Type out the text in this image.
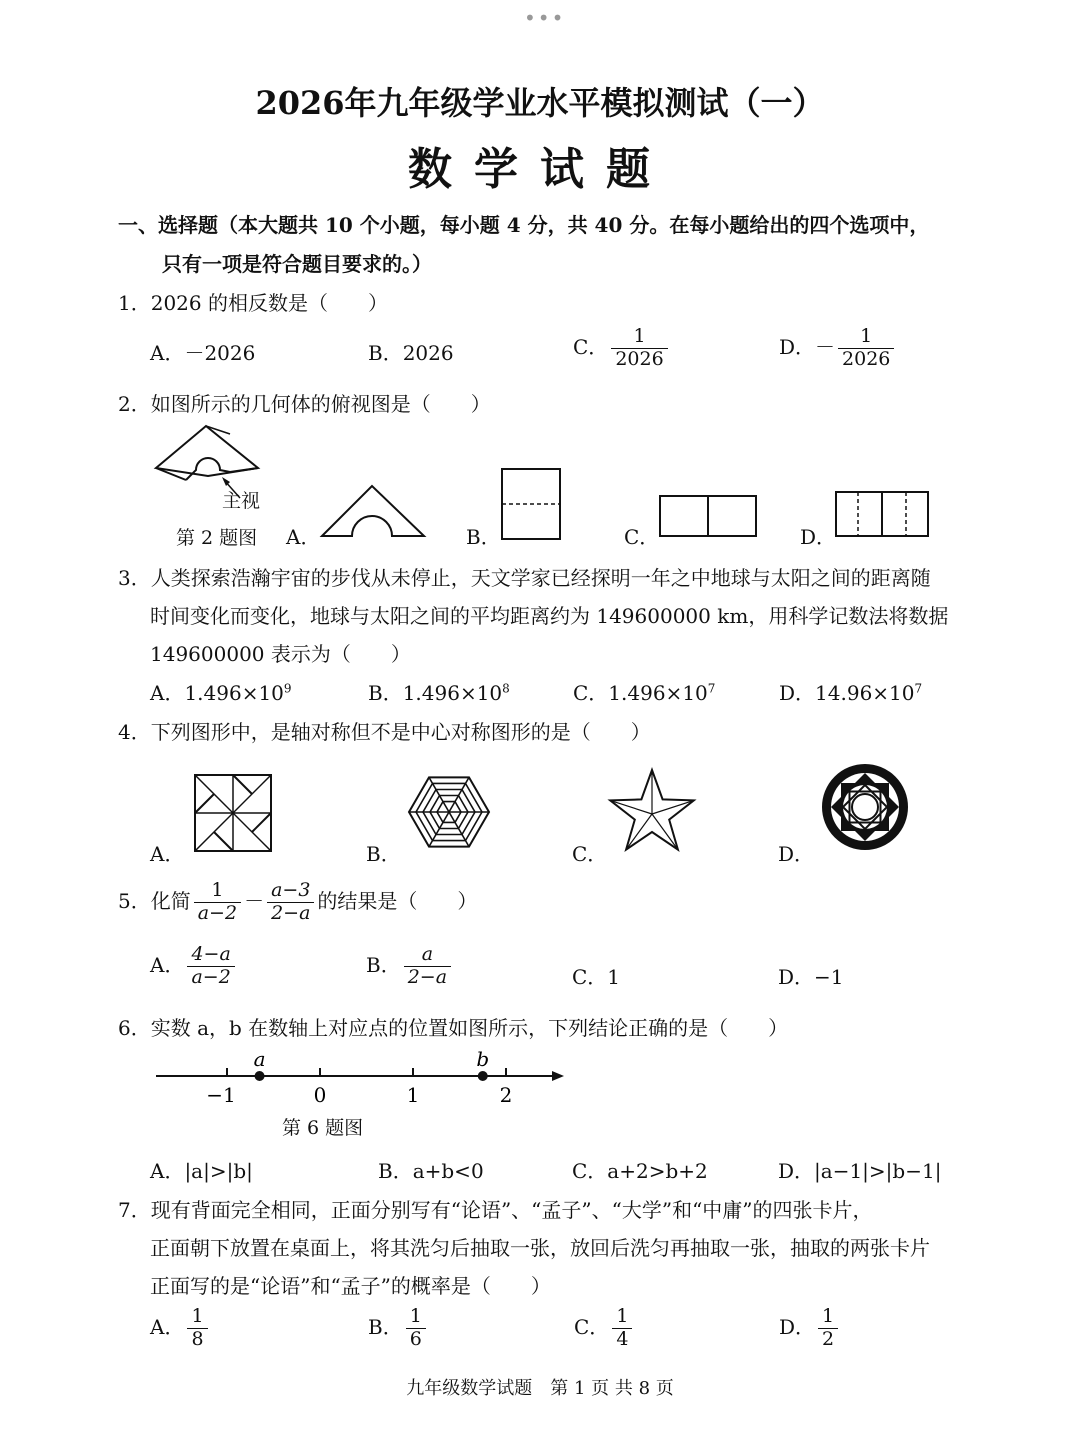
•••
2026年九年级学业水平模拟测试（一）
数学试题
一、选择题（本大题共 10 个小题，每小题 4 分，共 40 分。在每小题给出的四个选项中，
只有一项是符合题目要求的。）
1．2026 的相反数是（　　）
A．－2026	B．2026	C． $\frac{1}{2026}$	D．－ $\frac{1}{2026}$
2．如图所示的几何体的俯视图是（　　）
主视
第 2 题图 A．	B．	C．	D．
3．人类探索浩瀚宇宙的步伐从未停止，天文学家已经探明一年之中地球与太阳之间的距离随
时间变化而变化，地球与太阳之间的平均距离约为 149600000 km，用科学记数法将数据
149600000 表示为（　　）
A．$1.496\times 10^9$	B．$1.496\times 10^8$	C．$1.496\times 10^7$	D．$14.96\times 10^7$
4．下列图形中，是轴对称但不是中心对称图形的是（　　）
A．	B．	C．	D．
5．化简 $\frac{1}{a-2} - \frac{a-3}{2-a}$ 的结果是（　　）
A． $\frac{4-a}{a-2}$	B． $\frac{a}{2-a}$	C．1	D．−1
6．实数 a，b 在数轴上对应点的位置如图所示，下列结论正确的是（　　）
a	b
−1	0	1	2
第 6 题图
A．|a|>|b|	B．a+b<0	C．a+2>b+2	D．|a−1|>|b−1|
7．现有背面完全相同，正面分别写有“论语”、“孟子”、“大学”和“中庸”的四张卡片，
正面朝下放置在桌面上，将其洗匀后抽取一张，放回后洗匀再抽取一张，抽取的两张卡片
正面写的是“论语”和“孟子”的概率是（　　）
A． $\frac{1}{8}$	B． $\frac{1}{6}$	C． $\frac{1}{4}$	D． $\frac{1}{2}$
九年级数学试题　第 1 页 共 8 页
